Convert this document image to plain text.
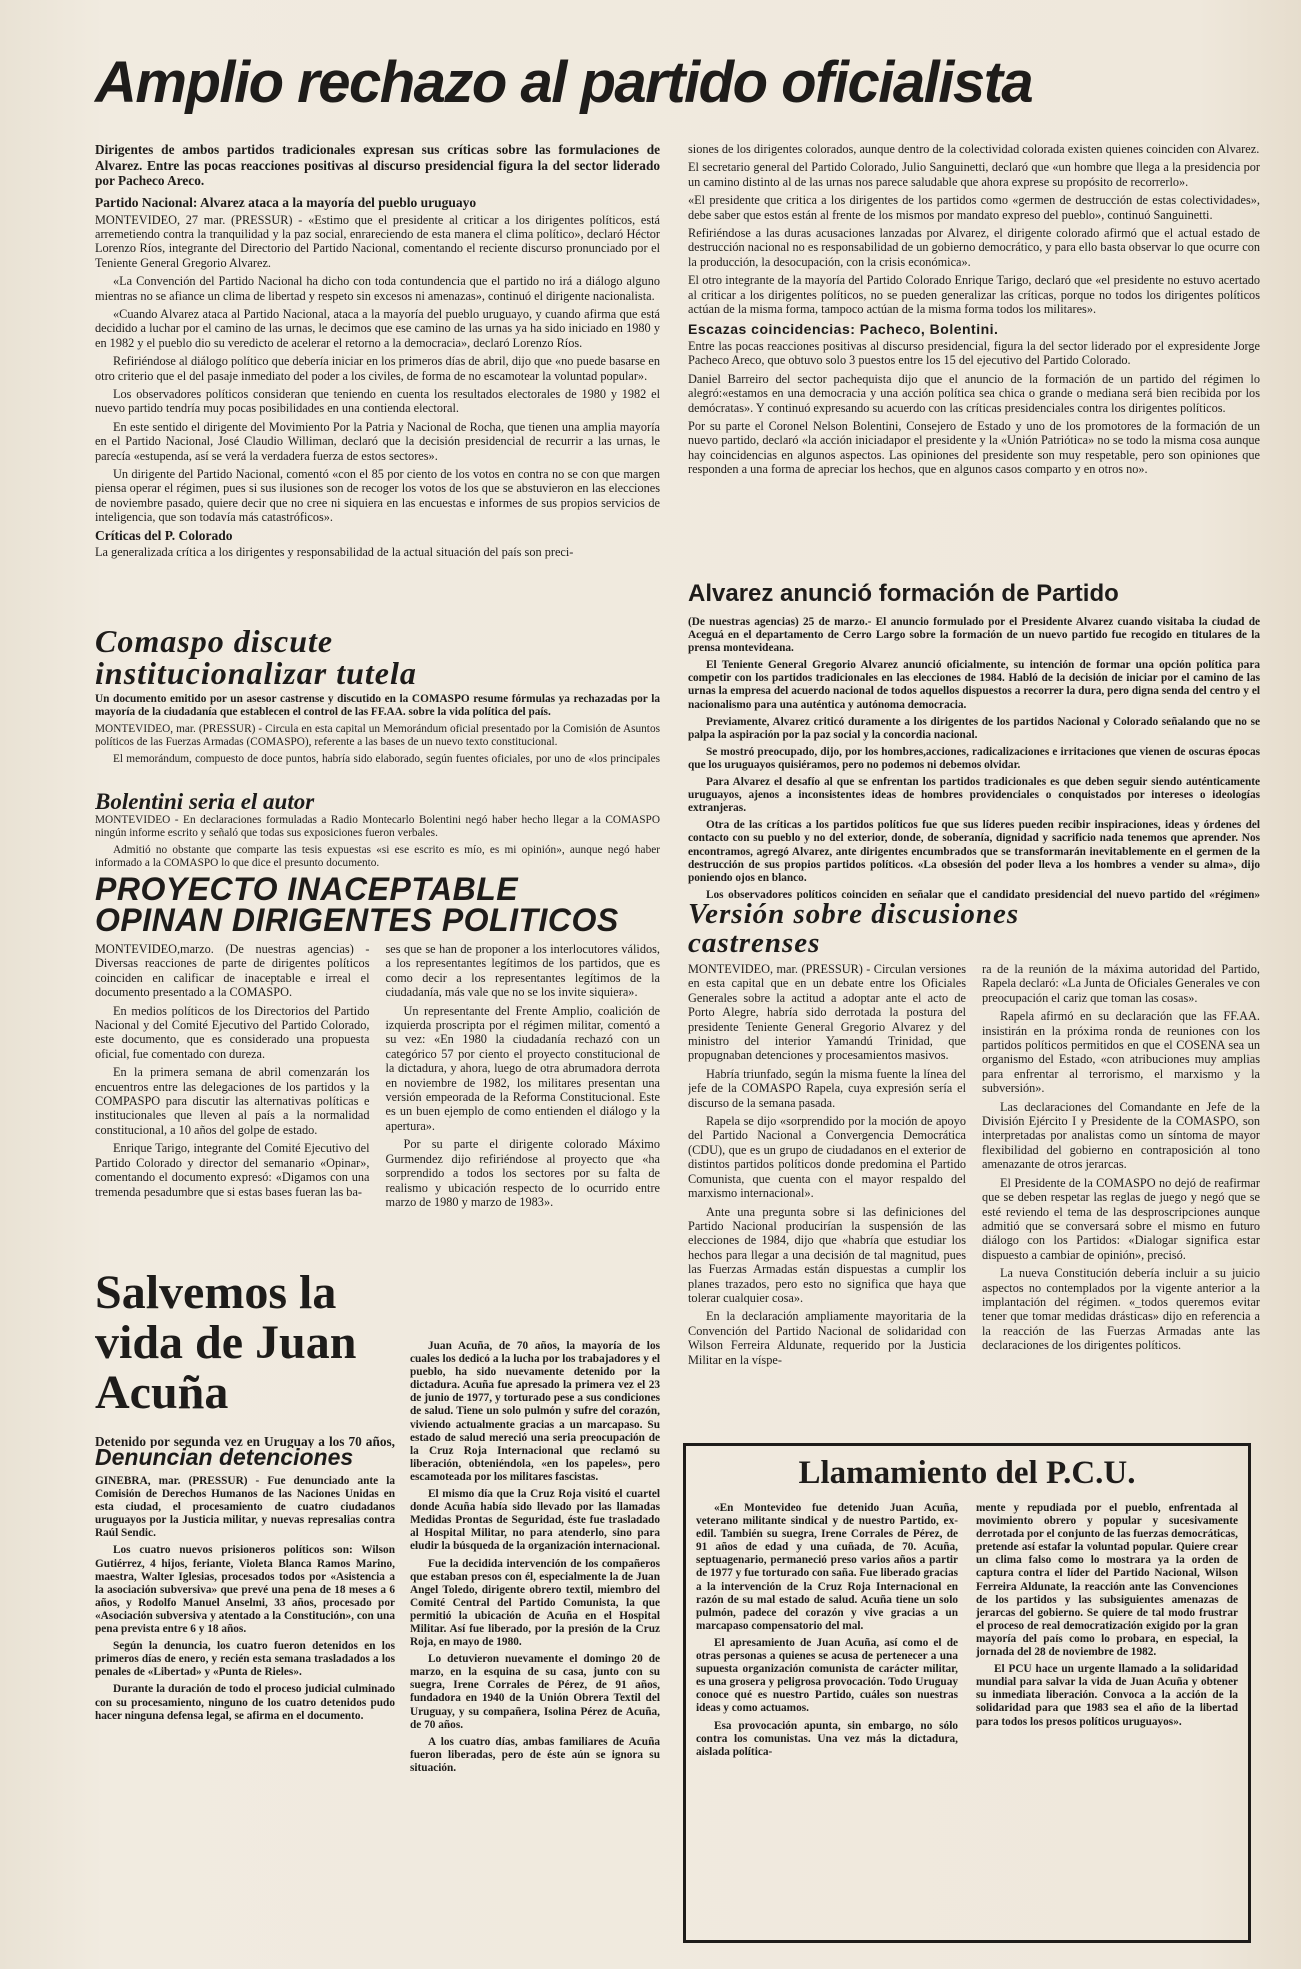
Amplio rechazo al partido oficialista

Dirigentes de ambos partidos tradicionales expresan sus críticas sobre las formulaciones de Alvarez. Entre las pocas reacciones positivas al discurso presidencial figura la del sector liderado por Pacheco Areco.

Partido Nacional: Alvarez ataca a la mayoría del pueblo uruguayo

MONTEVIDEO, 27 mar. (PRESSUR) - «Estimo que el presidente al criticar a los dirigentes políticos, está arremetiendo contra la tranquilidad y la paz social, enrareciendo de esta manera el clima político», declaró Héctor Lorenzo Ríos, integrante del Directorio del Partido Nacional, comentando el reciente discurso pronunciado por el Teniente General Gregorio Alvarez.

«La Convención del Partido Nacional ha dicho con toda contundencia que el partido no irá a diálogo alguno mientras no se afiance un clima de libertad y respeto sin excesos ni amenazas», continuó el dirigente nacionalista.

«Cuando Alvarez ataca al Partido Nacional, ataca a la mayoría del pueblo uruguayo, y cuando afirma que está decidido a luchar por el camino de las urnas, le decimos que ese camino de las urnas ya ha sido iniciado en 1980 y en 1982 y el pueblo dio su veredicto de acelerar el retorno a la democracia», declaró Lorenzo Ríos.

Refiriéndose al diálogo político que debería iniciar en los primeros días de abril, dijo que «no puede basarse en otro criterio que el del pasaje inmediato del poder a los civiles, de forma de no escamotear la voluntad popular».

Los observadores políticos consideran que teniendo en cuenta los resultados electorales de 1980 y 1982 el nuevo partido tendría muy pocas posibilidades en una contienda electoral.

En este sentido el dirigente del Movimiento Por la Patria y Nacional de Rocha, que tienen una amplia mayoría en el Partido Nacional, José Claudio Williman, declaró que la decisión presidencial de recurrir a las urnas, le parecía «estupenda, así se verá la verdadera fuerza de estos sectores».

Un dirigente del Partido Nacional, comentó «con el 85 por ciento de los votos en contra no se con que margen piensa operar el régimen, pues si sus ilusiones son de recoger los votos de los que se abstuvieron en las elecciones de noviembre pasado, quiere decir que no cree ni siquiera en las encuestas e informes de sus propios servicios de inteligencia, que son todavía más catastróficos».

Críticas del P. Colorado

La generalizada crítica a los dirigentes y responsabilidad de la actual situación del país son preci-

siones de los dirigentes colorados, aunque dentro de la colectividad colorada existen quienes coinciden con Alvarez.

El secretario general del Partido Colorado, Julio Sanguinetti, declaró que «un hombre que llega a la presidencia por un camino distinto al de las urnas nos parece saludable que ahora exprese su propósito de recorrerlo».

«El presidente que critica a los dirigentes de los partidos como «germen de destrucción de estas colectividades», debe saber que estos están al frente de los mismos por mandato expreso del pueblo», continuó Sanguinetti.

Refiriéndose a las duras acusaciones lanzadas por Alvarez, el dirigente colorado afirmó que el actual estado de destrucción nacional no es responsabilidad de un gobierno democrático, y para ello basta observar lo que ocurre con la producción, la desocupación, con la crisis económica».

El otro integrante de la mayoría del Partido Colorado Enrique Tarigo, declaró que «el presidente no estuvo acertado al criticar a los dirigentes políticos, no se pueden generalizar las críticas, porque no todos los dirigentes políticos actúan de la misma forma, tampoco actúan de la misma forma todos los militares».

Escazas coincidencias: Pacheco, Bolentini.

Entre las pocas reacciones positivas al discurso presidencial, figura la del sector liderado por el expresidente Jorge Pacheco Areco, que obtuvo solo 3 puestos entre los 15 del ejecutivo del Partido Colorado.

Daniel Barreiro del sector pachequista dijo que el anuncio de la formación de un partido del régimen lo alegró:«estamos en una democracia y una acción política sea chica o grande o mediana será bien recibida por los demócratas». Y continuó expresando su acuerdo con las críticas presidenciales contra los dirigentes políticos.

Por su parte el Coronel Nelson Bolentini, Consejero de Estado y uno de los promotores de la formación de un nuevo partido, declaró «la acción iniciadapor el presidente y la «Unión Patriótica» no se todo la misma cosa aunque hay coincidencias en algunos aspectos. Las opiniones del presidente son muy respetable, pero son opiniones que responden a una forma de apreciar los hechos, que en algunos casos comparto y en otros no».

Comaspo discute institucionalizar tutela

Un documento emitido por un asesor castrense y discutido en la COMASPO resume fórmulas ya rechazadas por la mayoría de la ciudadanía que establecen el control de las FF.AA. sobre la vida política del país.

MONTEVIDEO, mar. (PRESSUR) - Circula en esta capital un Memorándum oficial presentado por la Comisión de Asuntos políticos de las Fuerzas Armadas (COMASPO), referente a las bases de un nuevo texto constitucional.

El memorándum, compuesto de doce puntos, habría sido elaborado, según fuentes oficiales, por uno de «los principales

Bolentini seria el autor

MONTEVIDEO - En declaraciones formuladas a Radio Montecarlo Bolentini negó haber hecho llegar a la COMASPO ningún informe escrito y señaló que todas sus exposiciones fueron verbales.

Admitió no obstante que comparte las tesis expuestas «si ese escrito es mío, es mi opinión», aunque negó haber informado a la COMASPO lo que dice el presunto documento.

PROYECTO INACEPTABLE
OPINAN DIRIGENTES POLITICOS

MONTEVIDEO,marzo. (De nuestras agencias) - Diversas reacciones de parte de dirigentes políticos coinciden en calificar de inaceptable e irreal el documento presentado a la COMASPO.

En medios políticos de los Directorios del Partido Nacional y del Comité Ejecutivo del Partido Colorado, este documento, que es considerado una propuesta oficial, fue comentado con dureza.

En la primera semana de abril comenzarán los encuentros entre las delegaciones de los partidos y la COMPASPO para discutir las alternativas políticas e institucionales que lleven al país a la normalidad constitucional, a 10 años del golpe de estado.

Enrique Tarigo, integrante del Comité Ejecutivo del Partido Colorado y director del semanario «Opinar», comentando el documento expresó: «Digamos con una tremenda pesadumbre que si estas bases fueran las ba-

ses que se han de proponer a los interlocutores válidos, a los representantes legítimos de los partidos, que es como decir a los representantes legítimos de la ciudadanía, más vale que no se los invite siquiera».

Un representante del Frente Amplio, coalición de izquierda proscripta por el régimen militar, comentó a su vez: «En 1980 la ciudadanía rechazó con un categórico 57 por ciento el proyecto constitucional de la dictadura, y ahora, luego de otra abrumadora derrota en noviembre de 1982, los militares presentan una versión empeorada de la Reforma Constitucional. Este es un buen ejemplo de como entienden el diálogo y la apertura».

Por su parte el dirigente colorado Máximo Gurmendez dijo refiriéndose al proyecto que «ha sorprendido a todos los sectores por su falta de realismo y ubicación respecto de lo ocurrido entre marzo de 1980 y marzo de 1983».

Alvarez anunció formación de Partido

(De nuestras agencias) 25 de marzo.- El anuncio formulado por el Presidente Alvarez cuando visitaba la ciudad de Aceguá en el departamento de Cerro Largo sobre la formación de un nuevo partido fue recogido en titulares de la prensa montevideana.

El Teniente General Gregorio Alvarez anunció oficialmente, su intención de formar una opción política para competir con los partidos tradicionales en las elecciones de 1984. Habló de la decisión de iniciar por el camino de las urnas la empresa del acuerdo nacional de todos aquellos dispuestos a recorrer la dura, pero digna senda del centro y el nacionalismo para una auténtica y autónoma democracia.

Previamente, Alvarez criticó duramente a los dirigentes de los partidos Nacional y Colorado señalando que no se palpa la aspiración por la paz social y la concordia nacional.

Se mostró preocupado, dijo, por los hombres,acciones, radicalizaciones e irritaciones que vienen de oscuras épocas que los uruguayos quisiéramos, pero no podemos ni debemos olvidar.

Para Alvarez el desafío al que se enfrentan los partidos tradicionales es que deben seguir siendo auténticamente uruguayos, ajenos a inconsistentes ideas de hombres providenciales o conquistados por intereses o ideologías extranjeras.

Otra de las críticas a los partidos políticos fue que sus líderes pueden recibir inspiraciones, ideas y órdenes del contacto con su pueblo y no del exterior, donde, de soberanía, dignidad y sacrificio nada tenemos que aprender. Nos encontramos, agregó Alvarez, ante dirigentes encumbrados que se transformarán inevitablemente en el germen de la destrucción de sus propios partidos políticos. «La obsesión del poder lleva a los hombres a vender su alma», dijo poniendo ojos en blanco.

Los observadores políticos coinciden en señalar que el candidato presidencial del nuevo partido del «régimen»

Versión sobre discusiones
castrenses

MONTEVIDEO, mar. (PRESSUR) - Circulan versiones en esta capital que en un debate entre los Oficiales Generales sobre la actitud a adoptar ante el acto de Porto Alegre, habría sido derrotada la postura del presidente Teniente General Gregorio Alvarez y del ministro del interior Yamandú Trinidad, que propugnaban detenciones y procesamientos masivos.

Habría triunfado, según la misma fuente la línea del jefe de la COMASPO Rapela, cuya expresión sería el discurso de la semana pasada.

Rapela se dijo «sorprendido por la moción de apoyo del Partido Nacional a Convergencia Democrática (CDU), que es un grupo de ciudadanos en el exterior de distintos partidos políticos donde predomina el Partido Comunista, que cuenta con el mayor respaldo del marxismo internacional».

Ante una pregunta sobre si las definiciones del Partido Nacional producirían la suspensión de las elecciones de 1984, dijo que «habría que estudiar los hechos para llegar a una decisión de tal magnitud, pues las Fuerzas Armadas están dispuestas a cumplir los planes trazados, pero esto no significa que haya que tolerar cualquier cosa».

En la declaración ampliamente mayoritaria de la Convención del Partido Nacional de solidaridad con Wilson Ferreira Aldunate, requerido por la Justicia Militar en la víspe-

ra de la reunión de la máxima autoridad del Partido, Rapela declaró: «La Junta de Oficiales Generales ve con preocupación el cariz que toman las cosas».

Rapela afirmó en su declaración que las FF.AA. insistirán en la próxima ronda de reuniones con los partidos políticos permitidos en que el COSENA sea un organismo del Estado, «con atribuciones muy amplias para enfrentar al terrorismo, el marxismo y la subversión».

Las declaraciones del Comandante en Jefe de la División Ejército I y Presidente de la COMASPO, son interpretadas por analistas como un síntoma de mayor flexibilidad del gobierno en contraposición al tono amenazante de otros jerarcas.

El Presidente de la COMASPO no dejó de reafirmar que se deben respetar las reglas de juego y negó que se esté reviendo el tema de las desproscripciones aunque admitió que se conversará sobre el mismo en futuro diálogo con los Partidos: «Dialogar significa estar dispuesto a cambiar de opinión», precisó.

La nueva Constitución debería incluir a su juicio aspectos no contemplados por la vigente anterior a la implantación del régimen. «_todos queremos evitar tener que tomar medidas drásticas» dijo en referencia a la reacción de las Fuerzas Armadas ante las declaraciones de los dirigentes políticos.

Salvemos la vida de Juan Acuña

Detenido por segunda vez en Uruguay a los 70 años,

Juan Acuña, de 70 años, la mayoría de los cuales los dedicó a la lucha por los trabajadores y el pueblo, ha sido nuevamente detenido por la dictadura. Acuña fue apresado la primera vez el 23 de junio de 1977, y torturado pese a sus condiciones de salud. Tiene un solo pulmón y sufre del corazón, viviendo actualmente gracias a un marcapaso. Su estado de salud mereció una seria preocupación de la Cruz Roja Internacional que reclamó su liberación, obteniéndola, «en los papeles», pero escamoteada por los militares fascistas.

El mismo día que la Cruz Roja visitó el cuartel donde Acuña había sido llevado por las llamadas Medidas Prontas de Seguridad, éste fue trasladado al Hospital Militar, no para atenderlo, sino para eludir la búsqueda de la organización internacional.

Fue la decidida intervención de los compañeros que estaban presos con él, especialmente la de Juan Angel Toledo, dirigente obrero textil, miembro del Comité Central del Partido Comunista, la que permitió la ubicación de Acuña en el Hospital Militar. Así fue liberado, por la presión de la Cruz Roja, en mayo de 1980.

Lo detuvieron nuevamente el domingo 20 de marzo, en la esquina de su casa, junto con su suegra, Irene Corrales de Pérez, de 91 años, fundadora en 1940 de la Unión Obrera Textil del Uruguay, y su compañera, Isolina Pérez de Acuña, de 70 años.

A los cuatro días, ambas familiares de Acuña fueron liberadas, pero de éste aún se ignora su situación.

Denuncian detenciones

GINEBRA, mar. (PRESSUR) - Fue denunciado ante la Comisión de Derechos Humanos de las Naciones Unidas en esta ciudad, el procesamiento de cuatro ciudadanos uruguayos por la Justicia militar, y nuevas represalias contra Raúl Sendic.

Los cuatro nuevos prisioneros políticos son: Wilson Gutiérrez, 4 hijos, feriante, Violeta Blanca Ramos Marino, maestra, Walter Iglesias, procesados todos por «Asistencia a la asociación subversiva» que prevé una pena de 18 meses a 6 años, y Rodolfo Manuel Anselmi, 33 años, procesado por «Asociación subversiva y atentado a la Constitución», con una pena prevista entre 6 y 18 años.

Según la denuncia, los cuatro fueron detenidos en los primeros días de enero, y recién esta semana trasladados a los penales de «Libertad» y «Punta de Rieles».

Durante la duración de todo el proceso judicial culminado con su procesamiento, ninguno de los cuatro detenidos pudo hacer ninguna defensa legal, se afirma en el documento.

Llamamiento del P.C.U.

«En Montevideo fue detenido Juan Acuña, veterano militante sindical y de nuestro Partido, ex-edil. También su suegra, Irene Corrales de Pérez, de 91 años de edad y una cuñada, de 70. Acuña, septuagenario, permaneció preso varios años a partir de 1977 y fue torturado con saña. Fue liberado gracias a la intervención de la Cruz Roja Internacional en razón de su mal estado de salud. Acuña tiene un solo pulmón, padece del corazón y vive gracias a un marcapaso compensatorio del mal.

El apresamiento de Juan Acuña, así como el de otras personas a quienes se acusa de pertenecer a una supuesta organización comunista de carácter militar, es una grosera y peligrosa provocación. Todo Uruguay conoce qué es nuestro Partido, cuáles son nuestras ideas y como actuamos.

Esa provocación apunta, sin embargo, no sólo contra los comunistas. Una vez más la dictadura, aislada política-

mente y repudiada por el pueblo, enfrentada al movimiento obrero y popular y sucesivamente derrotada por el conjunto de las fuerzas democráticas, pretende así estafar la voluntad popular. Quiere crear un clima falso como lo mostrara ya la orden de captura contra el líder del Partido Nacional, Wilson Ferreira Aldunate, la reacción ante las Convenciones de los partidos y las subsiguientes amenazas de jerarcas del gobierno. Se quiere de tal modo frustrar el proceso de real democratización exigido por la gran mayoría del país como lo probara, en especial, la jornada del 28 de noviembre de 1982.

El PCU hace un urgente llamado a la solidaridad mundial para salvar la vida de Juan Acuña y obtener su inmediata liberación. Convoca a la acción de la solidaridad para que 1983 sea el año de la libertad para todos los presos políticos uruguayos».
